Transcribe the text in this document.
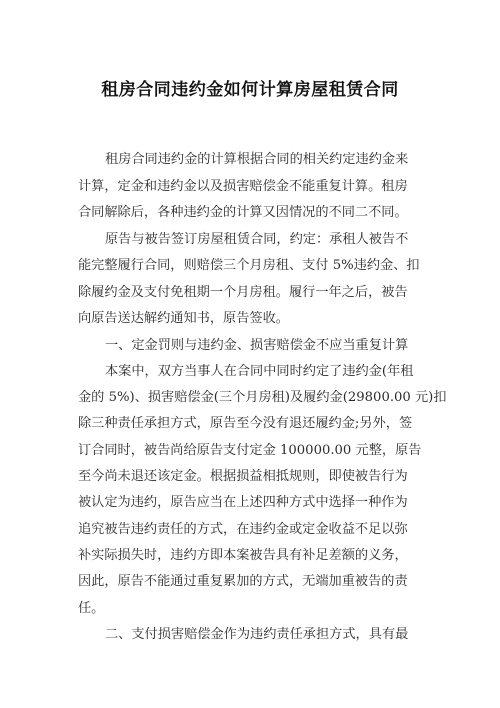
租房合同违约金如何计算房屋租赁合同
租房合同违约金的计算根据合同的相关约定违约金来
计算，定金和违约金以及损害赔偿金不能重复计算。租房
合同解除后，各种违约金的计算又因情况的不同二不同。
原告与被告签订房屋租赁合同，约定：承租人被告不
能完整履行合同，则赔偿三个月房租、支付 5%违约金、扣
除履约金及支付免租期一个月房租。履行一年之后，被告
向原告送达解约通知书，原告签收。
一、定金罚则与违约金、损害赔偿金不应当重复计算
本案中，双方当事人在合同中同时约定了违约金(年租
金的 5%)、损害赔偿金(三个月房租)及履约金(29800.00 元)扣
除三种责任承担方式，原告至今没有退还履约金;另外，签
订合同时，被告尚给原告支付定金 100000.00 元整，原告
至今尚未退还该定金。根据损益相抵规则，即使被告行为
被认定为违约，原告应当在上述四种方式中选择一种作为
追究被告违约责任的方式，在违约金或定金收益不足以弥
补实际损失时，违约方即本案被告具有补足差额的义务，
因此，原告不能通过重复累加的方式，无端加重被告的责
任。
二、支付损害赔偿金作为违约责任承担方式，具有最
